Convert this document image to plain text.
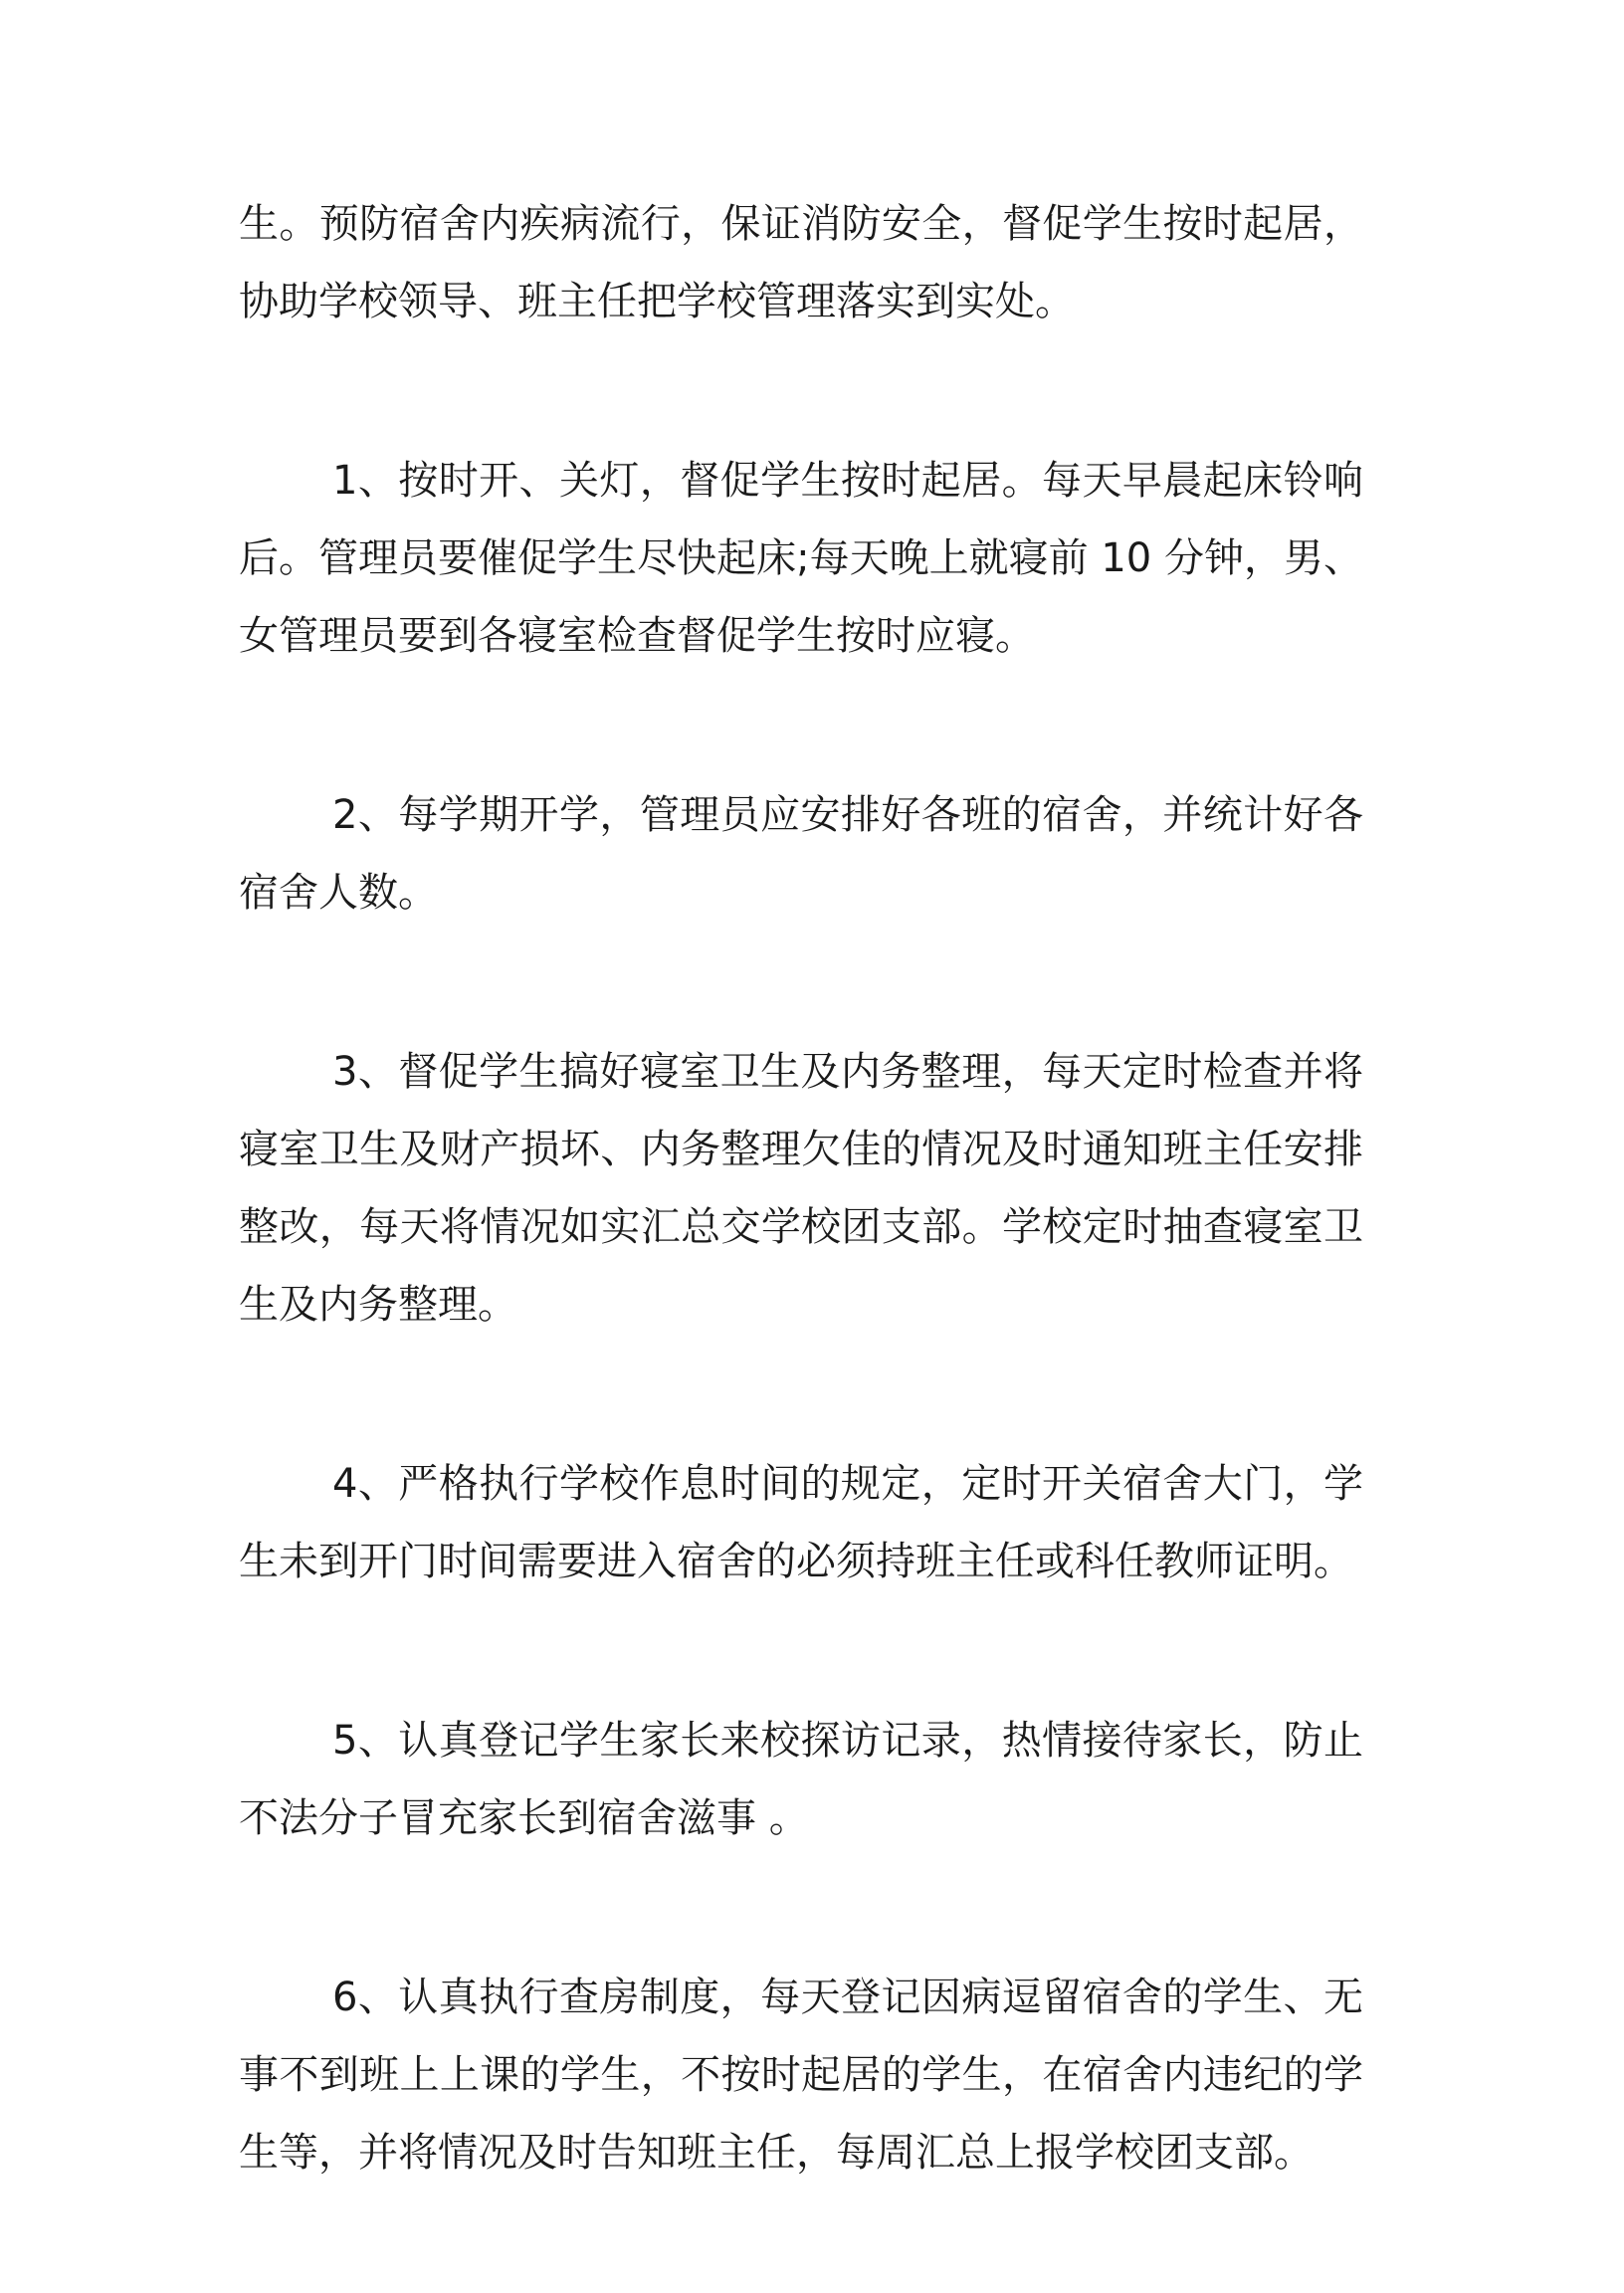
生。预防宿舍内疾病流行，保证消防安全，督促学生按时起居，协助学校领导、班主任把学校管理落实到实处。

1、按时开、关灯，督促学生按时起居。每天早晨起床铃响后。管理员要催促学生尽快起床;每天晚上就寝前 10 分钟，男、女管理员要到各寝室检查督促学生按时应寝。

2、每学期开学，管理员应安排好各班的宿舍，并统计好各宿舍人数。

3、督促学生搞好寝室卫生及内务整理，每天定时检查并将寝室卫生及财产损坏、内务整理欠佳的情况及时通知班主任安排整改，每天将情况如实汇总交学校团支部。学校定时抽查寝室卫生及内务整理。

4、严格执行学校作息时间的规定，定时开关宿舍大门，学生未到开门时间需要进入宿舍的必须持班主任或科任教师证明。

5、认真登记学生家长来校探访记录，热情接待家长，防止不法分子冒充家长到宿舍滋事 。

6、认真执行查房制度，每天登记因病逗留宿舍的学生、无事不到班上上课的学生，不按时起居的学生，在宿舍内违纪的学生等，并将情况及时告知班主任，每周汇总上报学校团支部。
